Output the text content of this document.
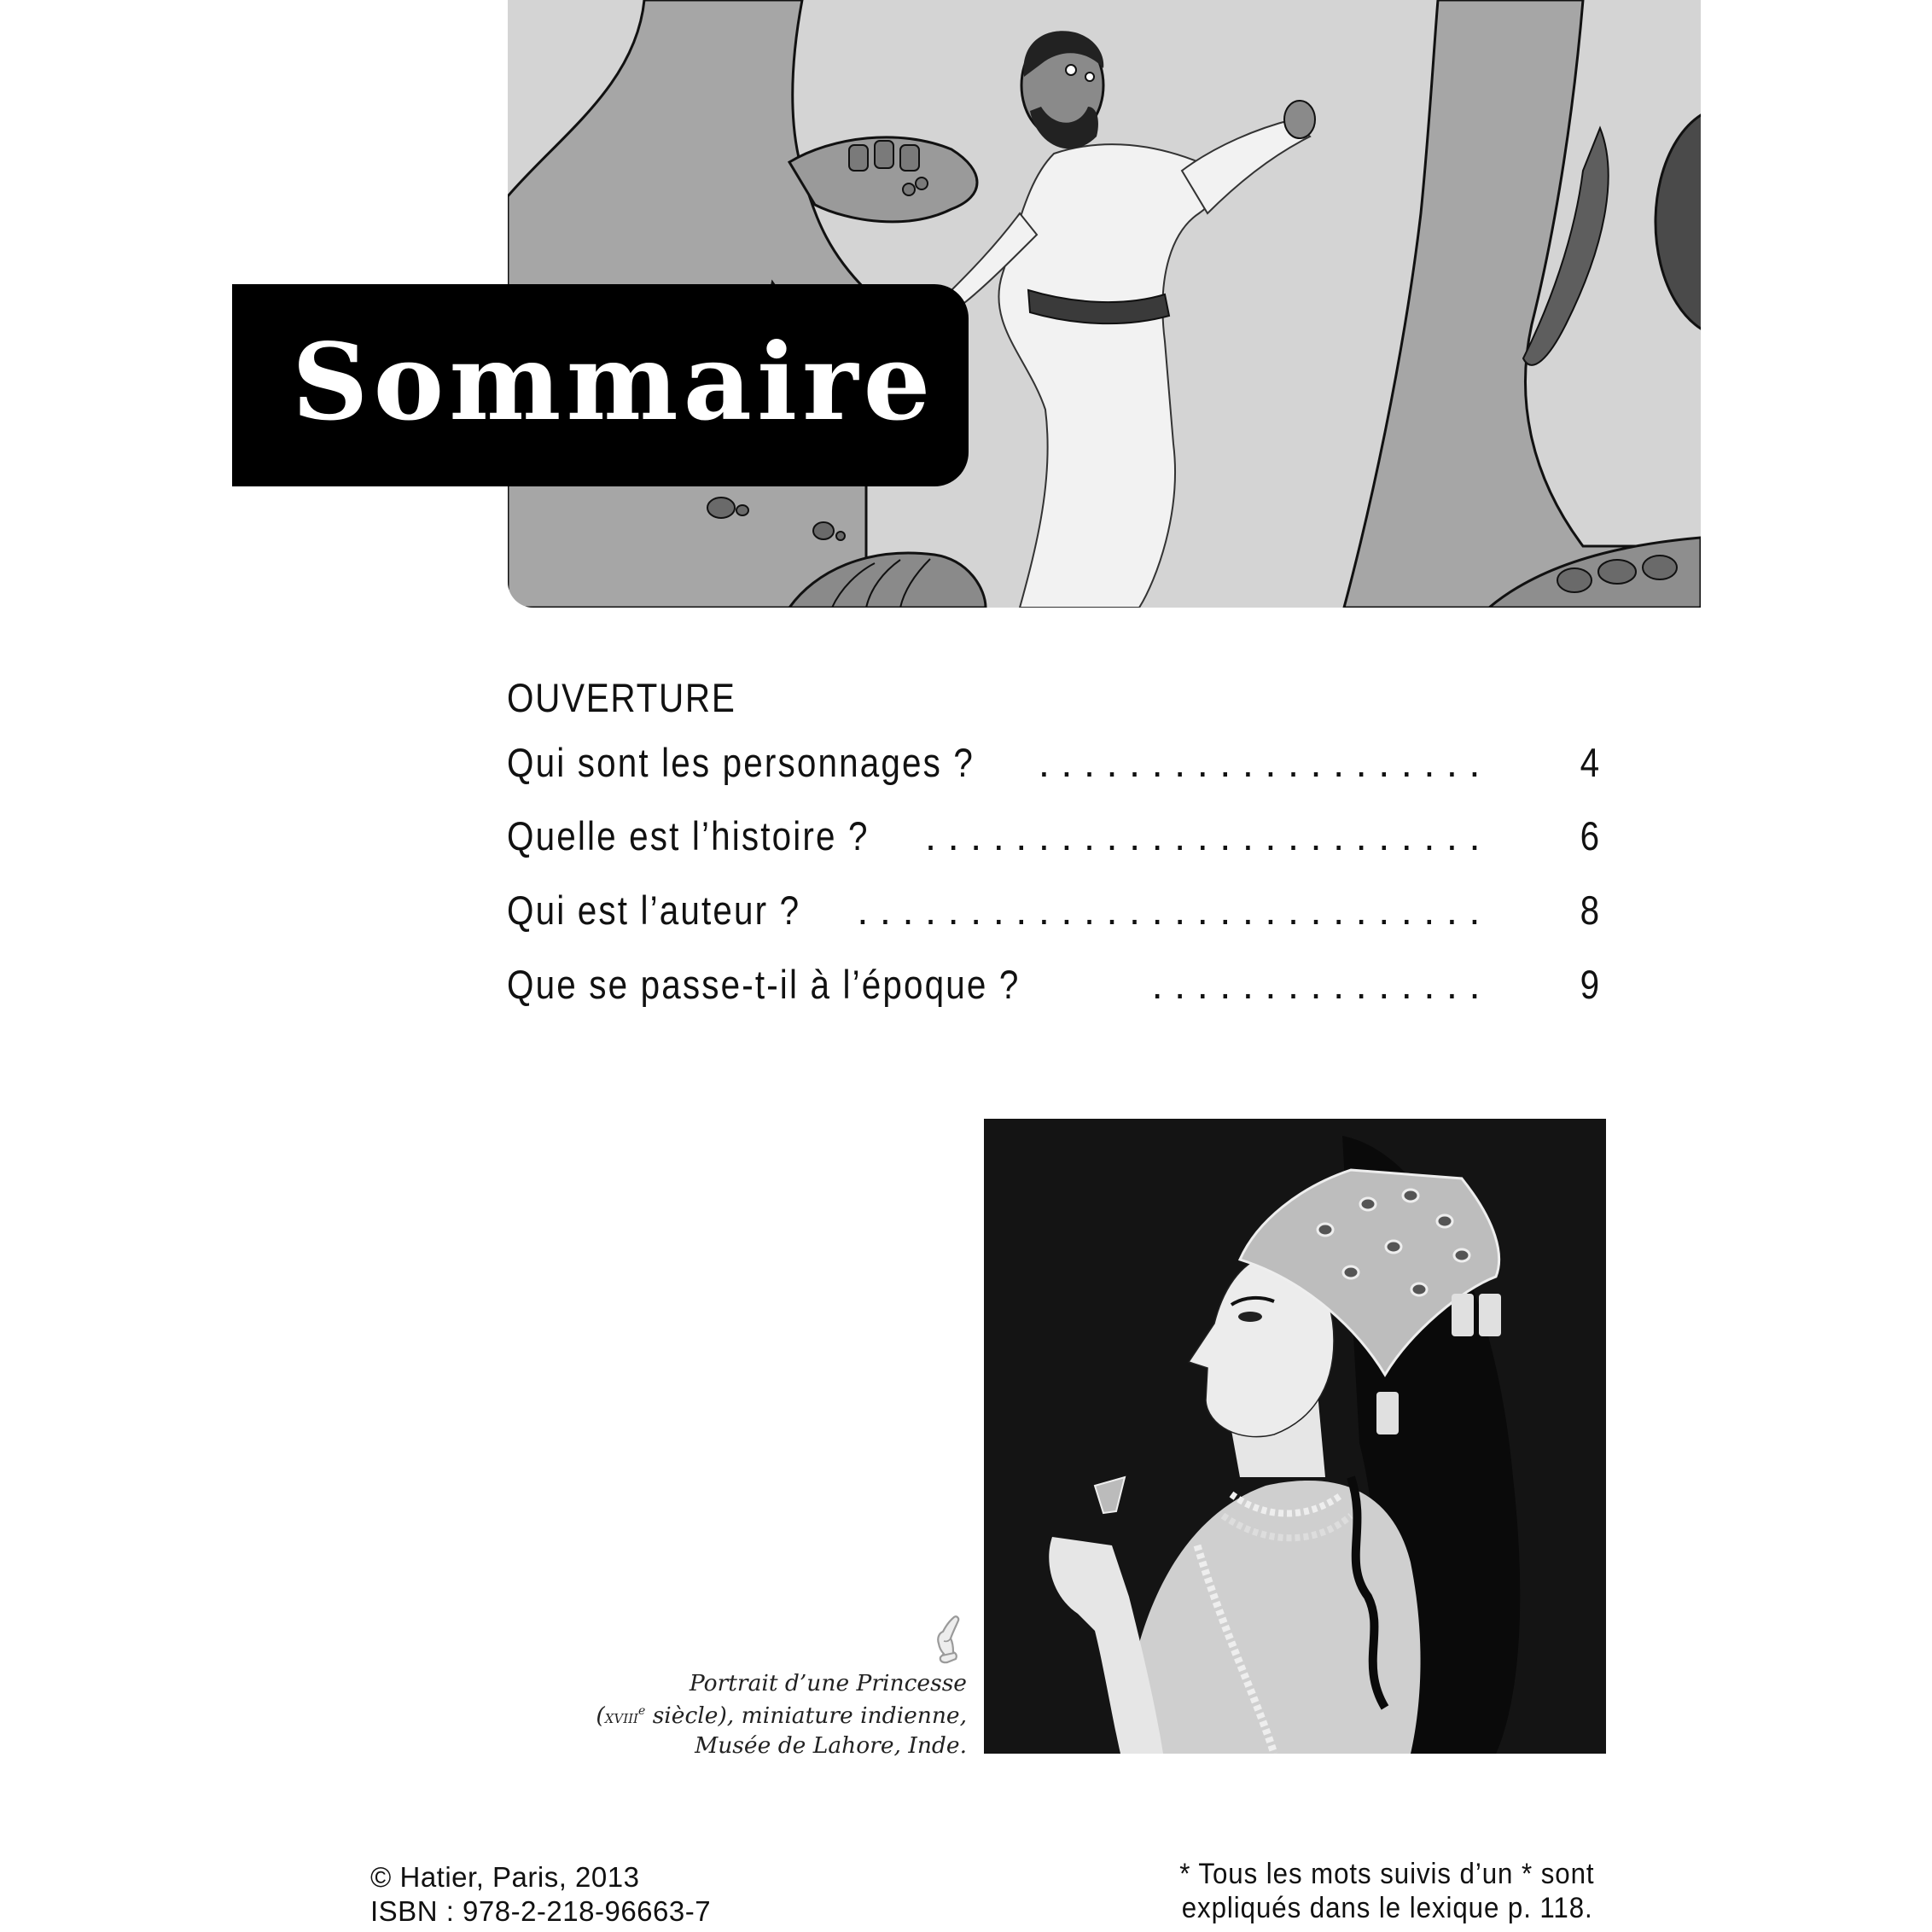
Sommaire
OUVERTURE
Qui sont les personnages ? .................... 4
Quelle est l’histoire ?	......................... 6
Qui est l’auteur ?	............................ 8
Que se passe-t-il à l’époque ?	............... 9
Portrait d’une Princesse
(xviii$^e$ siècle), miniature indienne,
Musée de Lahore, Inde.
© Hatier, Paris, 2013
ISBN : 978-2-218-96663-7
* Tous les mots suivis d’un * sont
expliqués dans le lexique p. 118.
